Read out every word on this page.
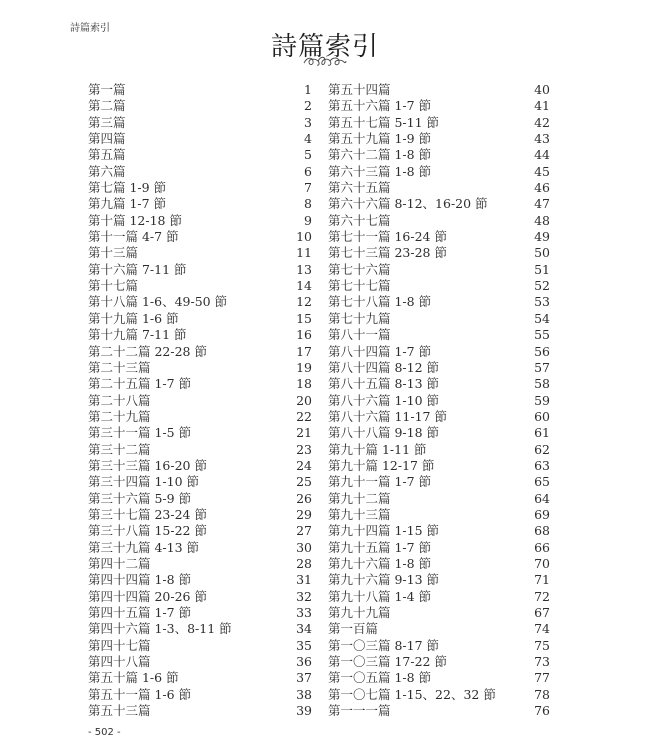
詩篇索引
詩篇索引
第一篇	1
第二篇	2
第三篇	3
第四篇	4
第五篇	5
第六篇	6
第七篇 1-9 節	7
第九篇 1-7 節	8
第十篇 12-18 節	9
第十一篇 4-7 節	10
第十三篇	11
第十六篇 7-11 節	13
第十七篇	14
第十八篇 1-6、49-50 節	12
第十九篇 1-6 節	15
第十九篇 7-11 節	16
第二十二篇 22-28 節	17
第二十三篇	19
第二十五篇 1-7 節	18
第二十八篇	20
第二十九篇	22
第三十一篇 1-5 節	21
第三十二篇	23
第三十三篇 16-20 節	24
第三十四篇 1-10 節	25
第三十六篇 5-9 節	26
第三十七篇 23-24 節	29
第三十八篇 15-22 節	27
第三十九篇 4-13 節	30
第四十二篇	28
第四十四篇 1-8 節	31
第四十四篇 20-26 節	32
第四十五篇 1-7 節	33
第四十六篇 1-3、8-11 節	34
第四十七篇	35
第四十八篇	36
第五十篇 1-6 節	37
第五十一篇 1-6 節	38
第五十三篇	39
第五十四篇	40
第五十六篇 1-7 節	41
第五十七篇 5-11 節	42
第五十九篇 1-9 節	43
第六十二篇 1-8 節	44
第六十三篇 1-8 節	45
第六十五篇	46
第六十六篇 8-12、16-20 節	47
第六十七篇	48
第七十一篇 16-24 節	49
第七十三篇 23-28 節	50
第七十六篇	51
第七十七篇	52
第七十八篇 1-8 節	53
第七十九篇	54
第八十一篇	55
第八十四篇 1-7 節	56
第八十四篇 8-12 節	57
第八十五篇 8-13 節	58
第八十六篇 1-10 節	59
第八十六篇 11-17 節	60
第八十八篇 9-18 節	61
第九十篇 1-11 節	62
第九十篇 12-17 節	63
第九十一篇 1-7 節	65
第九十二篇	64
第九十三篇	69
第九十四篇 1-15 節	68
第九十五篇 1-7 節	66
第九十六篇 1-8 節	70
第九十六篇 9-13 節	71
第九十八篇 1-4 節	72
第九十九篇	67
第一百篇	74
第一〇三篇 8-17 節	75
第一〇三篇 17-22 節	73
第一〇五篇 1-8 節	77
第一〇七篇 1-15、22、32 節	78
第一一一篇	76
- 502 -
